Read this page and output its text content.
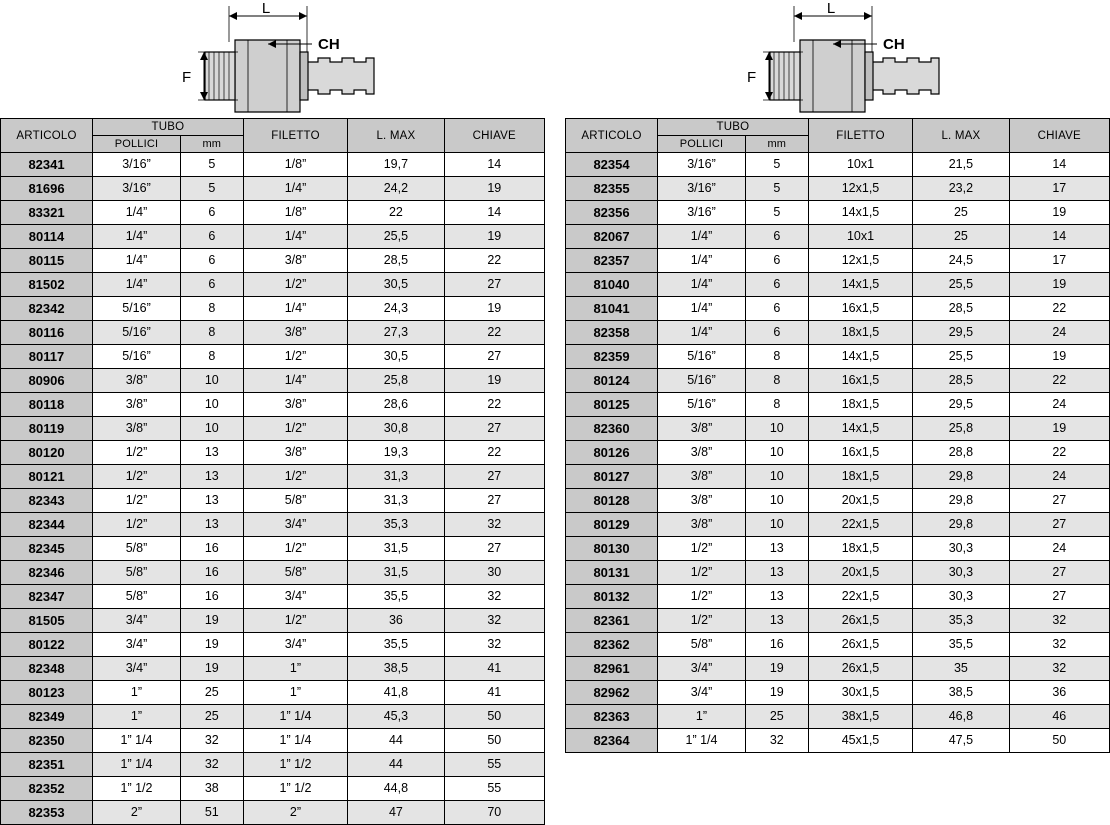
L
CH
F
ARTICOLO	TUBO		FILETTO	L. MAX	CHIAVE
	POLLICI	mm			
82341	3/16”	5	1/8”	19,7	14
81696	3/16”	5	1/4”	24,2	19
83321	1/4”	6	1/8”	22	14
80114	1/4”	6	1/4”	25,5	19
80115	1/4”	6	3/8”	28,5	22
81502	1/4”	6	1/2”	30,5	27
82342	5/16”	8	1/4”	24,3	19
80116	5/16”	8	3/8”	27,3	22
80117	5/16”	8	1/2”	30,5	27
80906	3/8”	10	1/4”	25,8	19
80118	3/8”	10	3/8”	28,6	22
80119	3/8”	10	1/2”	30,8	27
80120	1/2”	13	3/8”	19,3	22
80121	1/2”	13	1/2”	31,3	27
82343	1/2”	13	5/8”	31,3	27
82344	1/2”	13	3/4”	35,3	32
82345	5/8”	16	1/2”	31,5	27
82346	5/8”	16	5/8”	31,5	30
82347	5/8”	16	3/4”	35,5	32
81505	3/4”	19	1/2”	36	32
80122	3/4”	19	3/4”	35,5	32
82348	3/4”	19	1”	38,5	41
80123	1”	25	1”	41,8	41
82349	1”	25	1” 1/4	45,3	50
82350	1” 1/4	32	1” 1/4	44	50
82351	1” 1/4	32	1” 1/2	44	55
82352	1” 1/2	38	1” 1/2	44,8	55
82353	2”	51	2”	47	70
L
CH
F
ARTICOLO	TUBO		FILETTO	L. MAX	CHIAVE
	POLLICI	mm			
82354	3/16”	5	10x1	21,5	14
82355	3/16”	5	12x1,5	23,2	17
82356	3/16”	5	14x1,5	25	19
82067	1/4”	6	10x1	25	14
82357	1/4”	6	12x1,5	24,5	17
81040	1/4”	6	14x1,5	25,5	19
81041	1/4”	6	16x1,5	28,5	22
82358	1/4”	6	18x1,5	29,5	24
82359	5/16”	8	14x1,5	25,5	19
80124	5/16”	8	16x1,5	28,5	22
80125	5/16”	8	18x1,5	29,5	24
82360	3/8”	10	14x1,5	25,8	19
80126	3/8”	10	16x1,5	28,8	22
80127	3/8”	10	18x1,5	29,8	24
80128	3/8”	10	20x1,5	29,8	27
80129	3/8”	10	22x1,5	29,8	27
80130	1/2”	13	18x1,5	30,3	24
80131	1/2”	13	20x1,5	30,3	27
80132	1/2”	13	22x1,5	30,3	27
82361	1/2”	13	26x1,5	35,3	32
82362	5/8”	16	26x1,5	35,5	32
82961	3/4”	19	26x1,5	35	32
82962	3/4”	19	30x1,5	38,5	36
82363	1”	25	38x1,5	46,8	46
82364	1” 1/4	32	45x1,5	47,5	50
